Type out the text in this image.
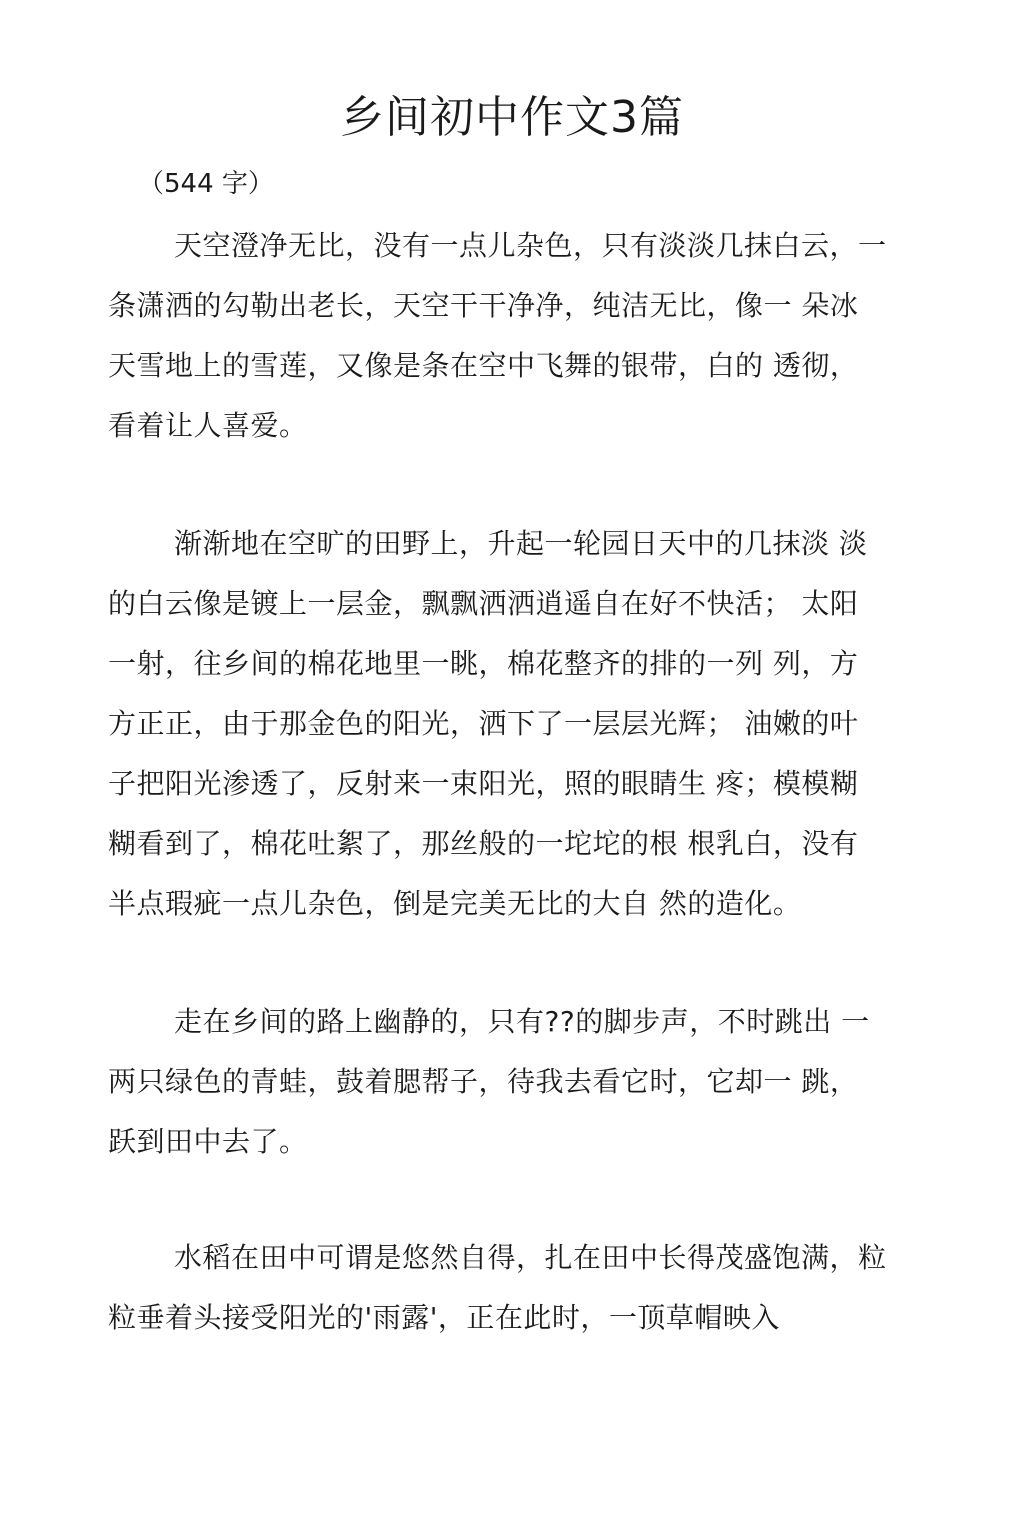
乡间初中作文3篇

（544 字）

天空澄净无比，没有一点儿杂色，只有淡淡几抹白云，一
条潇洒的勾勒出老长，天空干干净净，纯洁无比，像一 朵冰
天雪地上的雪莲，又像是条在空中飞舞的银带，白的 透彻，
看着让人喜爱。
渐渐地在空旷的田野上，升起一轮园日天中的几抹淡 淡
的白云像是镀上一层金，飘飘洒洒逍遥自在好不快活； 太阳
一射，往乡间的棉花地里一眺，棉花整齐的排的一列 列，方
方正正，由于那金色的阳光，洒下了一层层光辉； 油嫩的叶
子把阳光渗透了，反射来一束阳光，照的眼睛生 疼；模模糊
糊看到了，棉花吐絮了，那丝般的一坨坨的根 根乳白，没有
半点瑕疵一点儿杂色，倒是完美无比的大自 然的造化。
走在乡间的路上幽静的，只有??的脚步声，不时跳出 一
两只绿色的青蛙，鼓着腮帮子，待我去看它时，它却一 跳，
跃到田中去了。
水稻在田中可谓是悠然自得，扎在田中长得茂盛饱满，粒
粒垂着头接受阳光的'雨露'，正在此时，一顶草帽映入
